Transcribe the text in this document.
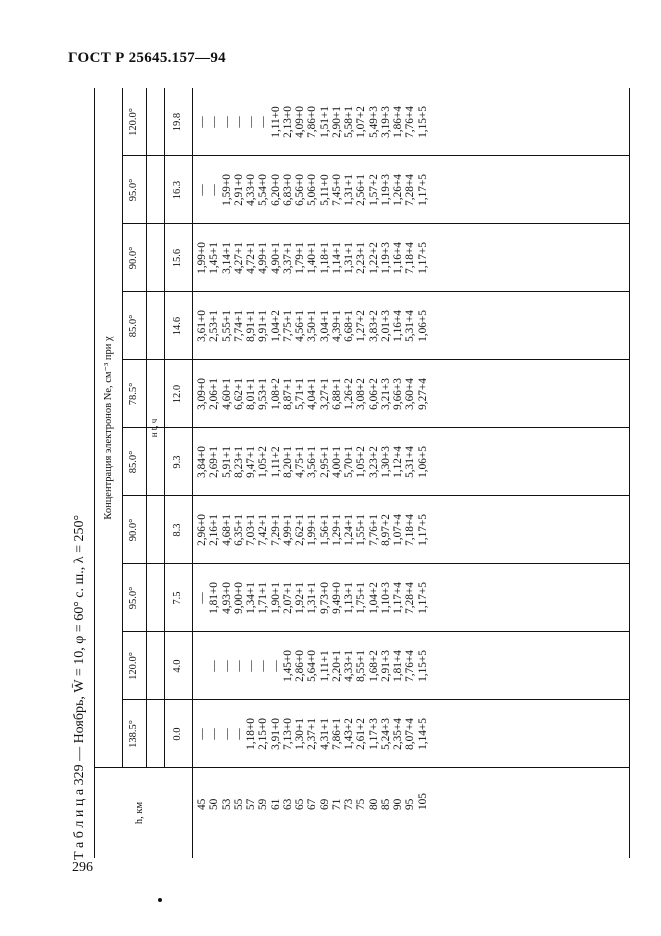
ГОСТ Р 25645.157—94
Т а б л и ц а 329 — Ноябрь, W̄ = 10, φ = 60° с. ш., λ = 250°	h, км
Концентрация электронов Ne, см⁻³ при χ	н t, ч
138.5°
120.0°
95.0°
90.0°
85.0°
78.5°
85.0°
90.0°
95.0°
120.0°
0.0
4.0
7.5
8.3
9.3
12.0
14.6
15.6
16.3
19.8
45
50
53
55
57
59
61
63
65
67
69
71
73
75
80
85
90
95
105
—
—
—
—
1,18+0
2,15+0
3,91+0
7,13+0
1,30+1
2,37+1
4,31+1
7,86+1
1,43+2
2,61+2
1,17+3
5,24+3
2,35+4
8,07+4
1,14+5

—
—
—
—
—
—
1,45+0
2,86+0
5,64+0
1,11+1
2,20+1
4,33+1
8,55+1
1,68+2
2,91+3
1,81+4
7,76+4
1,15+5
—
1,81+0
4,93+0
9,00+0
1,34+1
1,71+1
1,90+1
2,07+1
1,92+1
1,31+1
9,73+0
9,49+0
1,13+1
1,75+1
1,04+2
1,10+3
1,17+4
7,28+4
1,17+5
2,96+0
2,16+1
4,68+1
6,35+1
7,03+1
7,42+1
7,29+1
4,99+1
2,62+1
1,99+1
1,56+1
1,29+1
1,24+1
1,55+1
7,76+1
8,97+2
1,07+4
7,18+4
1,17+5
3,84+0
2,69+1
5,91+1
8,23+1
9,47+1
1,05+2
1,11+2
8,20+1
4,75+1
3,56+1
2,95+1
4,00+1
5,70+1
1,05+2
3,23+2
1,30+3
1,12+4
5,31+4
1,06+5
3,09+0
2,06+1
4,60+1
6,62+1
8,01+1
9,53+1
1,08+2
8,87+1
5,71+1
4,04+1
3,27+1
6,88+1
1,26+2
3,08+2
6,06+2
3,21+3
9,66+3
3,60+4
9,27+4
3,61+0
2,53+1
5,55+1
7,74+1
8,91+1
9,91+1
1,04+2
7,75+1
4,56+1
3,50+1
3,04+1
4,39+1
6,68+1
1,27+2
3,83+2
2,01+3
1,16+4
5,31+4
1,06+5
1,99+0
1,45+1
3,14+1
4,27+1
4,72+1
4,99+1
4,90+1
3,37+1
1,79+1
1,40+1
1,18+1
1,14+1
1,31+1
2,23+1
1,22+2
1,19+3
1,16+4
7,18+4
1,17+5
—
—
1,59+0
2,91+0
4,33+0
5,54+0
6,20+0
6,83+0
6,56+0
5,06+0
5,11+0
7,45+0
1,31+1
2,56+1
1,57+2
1,19+3
1,26+4
7,28+4
1,17+5
—
—
—
—
—
—
1,11+0
2,13+0
4,09+0
7,86+0
1,51+1
2,90+1
5,58+1
1,07+2
5,49+3
3,19+3
1,86+4
7,76+4
1,15+5
296
